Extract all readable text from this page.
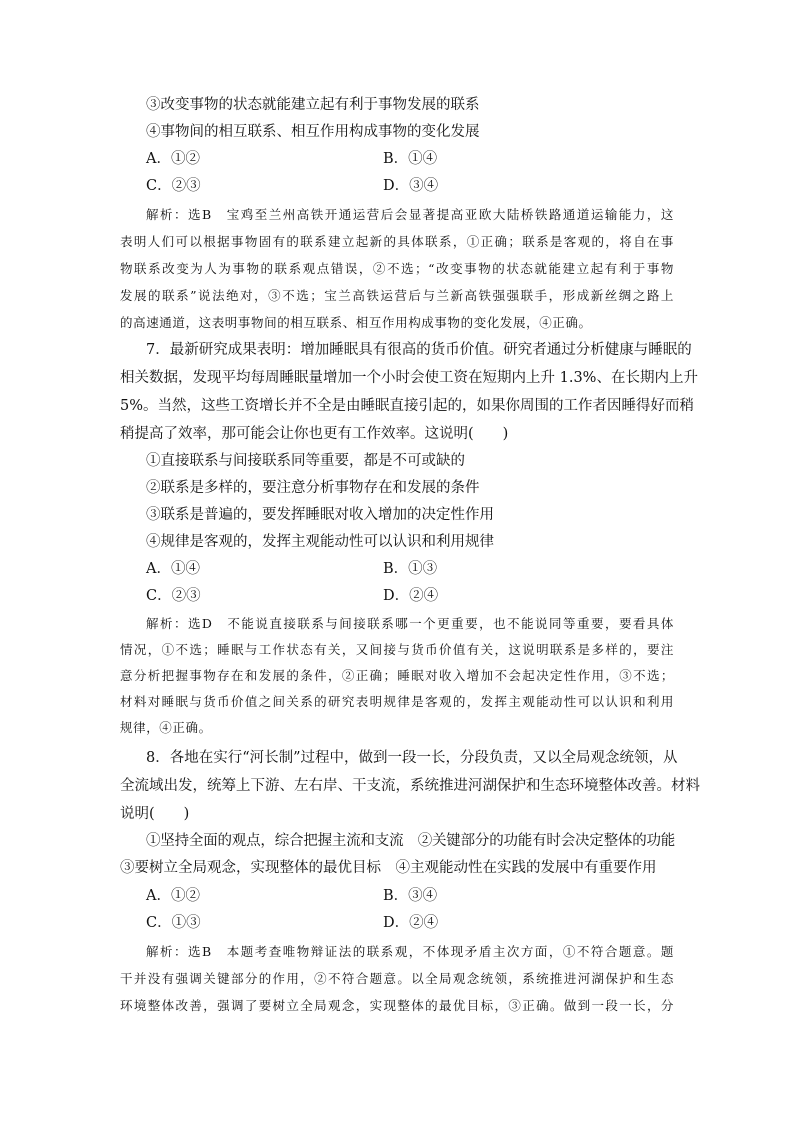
③改变事物的状态就能建立起有利于事物发展的联系
④事物间的相互联系、相互作用构成事物的变化发展
A．①②	B．①④
C．②③	D．③④
解析：选B　宝鸡至兰州高铁开通运营后会显著提高亚欧大陆桥铁路通道运输能力，这
表明人们可以根据事物固有的联系建立起新的具体联系，①正确；联系是客观的，将自在事
物联系改变为人为事物的联系观点错误，②不选；“改变事物的状态就能建立起有利于事物
发展的联系”说法绝对，③不选；宝兰高铁运营后与兰新高铁强强联手，形成新丝绸之路上
的高速通道，这表明事物间的相互联系、相互作用构成事物的变化发展，④正确。
7．最新研究成果表明：增加睡眠具有很高的货币价值。研究者通过分析健康与睡眠的
相关数据，发现平均每周睡眠量增加一个小时会使工资在短期内上升 1.3%、在长期内上升
5%。当然，这些工资增长并不全是由睡眠直接引起的，如果你周围的工作者因睡得好而稍
稍提高了效率，那可能会让你也更有工作效率。这说明(　　)
①直接联系与间接联系同等重要，都是不可或缺的
②联系是多样的，要注意分析事物存在和发展的条件
③联系是普遍的，要发挥睡眠对收入增加的决定性作用
④规律是客观的，发挥主观能动性可以认识和利用规律
A．①④	B．①③
C．②③	D．②④
解析：选D　不能说直接联系与间接联系哪一个更重要，也不能说同等重要，要看具体
情况，①不选；睡眠与工作状态有关，又间接与货币价值有关，这说明联系是多样的，要注
意分析把握事物存在和发展的条件，②正确；睡眠对收入增加不会起决定性作用，③不选；
材料对睡眠与货币价值之间关系的研究表明规律是客观的，发挥主观能动性可以认识和利用
规律，④正确。
8．各地在实行“河长制”过程中，做到一段一长，分段负责，又以全局观念统领，从
全流域出发，统筹上下游、左右岸、干支流，系统推进河湖保护和生态环境整体改善。材料
说明(　　)
①坚持全面的观点，综合把握主流和支流　②关键部分的功能有时会决定整体的功能
③要树立全局观念，实现整体的最优目标　④主观能动性在实践的发展中有重要作用
A．①②	B．③④
C．①③	D．②④
解析：选B　本题考查唯物辩证法的联系观，不体现矛盾主次方面，①不符合题意。题
干并没有强调关键部分的作用，②不符合题意。以全局观念统领，系统推进河湖保护和生态
环境整体改善，强调了要树立全局观念，实现整体的最优目标，③正确。做到一段一长，分
